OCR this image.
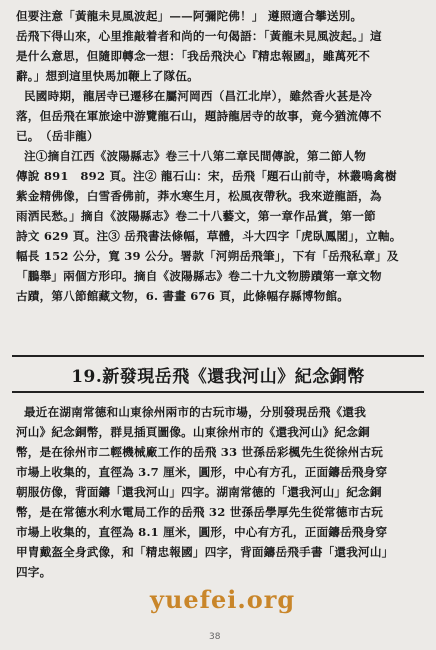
但要注意「黃龍未見風波起」——阿彌陀佛！」 遵照適合攀送別。
岳飛下得山來，心里推敲着者和尚的一句偈語：「黃龍未見風波起。」這
是什么意思，但隨即轉念一想：「我岳飛決心『精忠報國』，雖萬死不
辭。」想到這里快馬加鞭上了隊伍。
民國時期，龍居寺已遷移在屬河岡西（昌江北岸），雖然香火甚是冷
落，但岳飛在軍旅途中游覽龍石山，題詩龍居寺的故事，竟今猶流傳不
已。　（岳非龍）
注①摘自江西《波陽縣志》卷三十八第二章民間傳說，第二節人物
傳說 891　892 頁。注② 龍石山：宋，岳飛「題石山前寺，林叢鳴禽樹
紫金精佛像，白雪香佛前，莽水寒生月，松風夜帶秋。我來遊龍語，為
雨洒民愁。」摘自《波陽縣志》卷二十八藝文，第一章作品賞，第一節
詩文 629 頁。注③ 岳飛書法條幅，草體，斗大四字「虎臥鳳閣」，立軸。
幅長 152 公分，寬 39 公分。署款「河朔岳飛筆」，下有「岳飛私章」及
「鵬舉」兩個方形印。摘自《波陽縣志》卷二十九文物勝蹟第一章文物
古蹟，第八節館藏文物，6. 書畫 676 頁，此條幅存縣博物館。
19.新發現岳飛《還我河山》紀念銅幣
最近在湖南常德和山東徐州兩市的古玩市場，分別發現岳飛《還我
河山》紀念銅幣，群見插頁圖像。山東徐州市的《還我河山》紀念銅
幣，是在徐州市二輕機械廠工作的岳飛 33 世孫岳彩楓先生從徐州古玩
市場上收集的，直徑為 3.7 厘米，圓形，中心有方孔，正面鑄岳飛身穿
朝服仿像，背面鑄「還我河山」四字。湖南常德的「還我河山」紀念銅
幣，是在常德水利水電局工作的岳飛 32 世孫岳學厚先生從常德市古玩
市場上收集的，直徑為 8.1 厘米，圓形，中心有方孔，正面鑄岳飛身穿
甲胄戴盔全身武像，和「精忠報國」四字，背面鑄岳飛手書「還我河山」
四字。
yuefei.org
38
